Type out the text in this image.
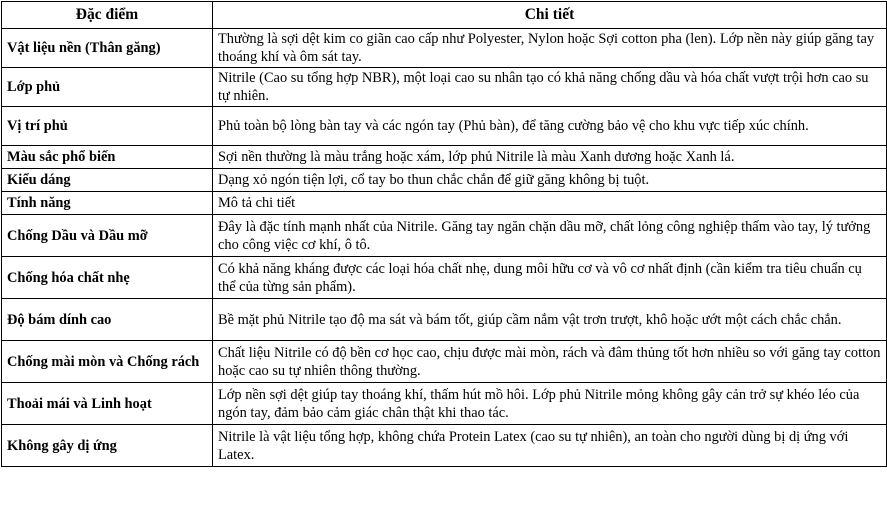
Đặc điểm	Chi tiết
Vật liệu nền (Thân găng)	Thường là sợi dệt kim co giãn cao cấp như Polyester, Nylon hoặc Sợi cotton pha (len). Lớp nền này giúp găng tay thoáng khí và ôm sát tay.
Lớp phủ	Nitrile (Cao su tổng hợp NBR), một loại cao su nhân tạo có khả năng chống dầu và hóa chất vượt trội hơn cao su tự nhiên.
Vị trí phủ	Phủ toàn bộ lòng bàn tay và các ngón tay (Phủ bàn), để tăng cường bảo vệ cho khu vực tiếp xúc chính.
Màu sắc phổ biến	Sợi nền thường là màu trắng hoặc xám, lớp phủ Nitrile là màu Xanh dương hoặc Xanh lá.
Kiểu dáng	Dạng xỏ ngón tiện lợi, cổ tay bo thun chắc chắn để giữ găng không bị tuột.
Tính năng	Mô tả chi tiết
Chống Dầu và Dầu mỡ	Đây là đặc tính mạnh nhất của Nitrile. Găng tay ngăn chặn dầu mỡ, chất lỏng công nghiệp thấm vào tay, lý tưởng cho công việc cơ khí, ô tô.
Chống hóa chất nhẹ	Có khả năng kháng được các loại hóa chất nhẹ, dung môi hữu cơ và vô cơ nhất định (cần kiểm tra tiêu chuẩn cụ thể của từng sản phẩm).
Độ bám dính cao	Bề mặt phủ Nitrile tạo độ ma sát và bám tốt, giúp cầm nắm vật trơn trượt, khô hoặc ướt một cách chắc chắn.
Chống mài mòn và Chống rách	Chất liệu Nitrile có độ bền cơ học cao, chịu được mài mòn, rách và đâm thủng tốt hơn nhiều so với găng tay cotton hoặc cao su tự nhiên thông thường.
Thoải mái và Linh hoạt	Lớp nền sợi dệt giúp tay thoáng khí, thấm hút mồ hôi. Lớp phủ Nitrile mỏng không gây cản trở sự khéo léo của ngón tay, đảm bảo cảm giác chân thật khi thao tác.
Không gây dị ứng	Nitrile là vật liệu tổng hợp, không chứa Protein Latex (cao su tự nhiên), an toàn cho người dùng bị dị ứng với Latex.
